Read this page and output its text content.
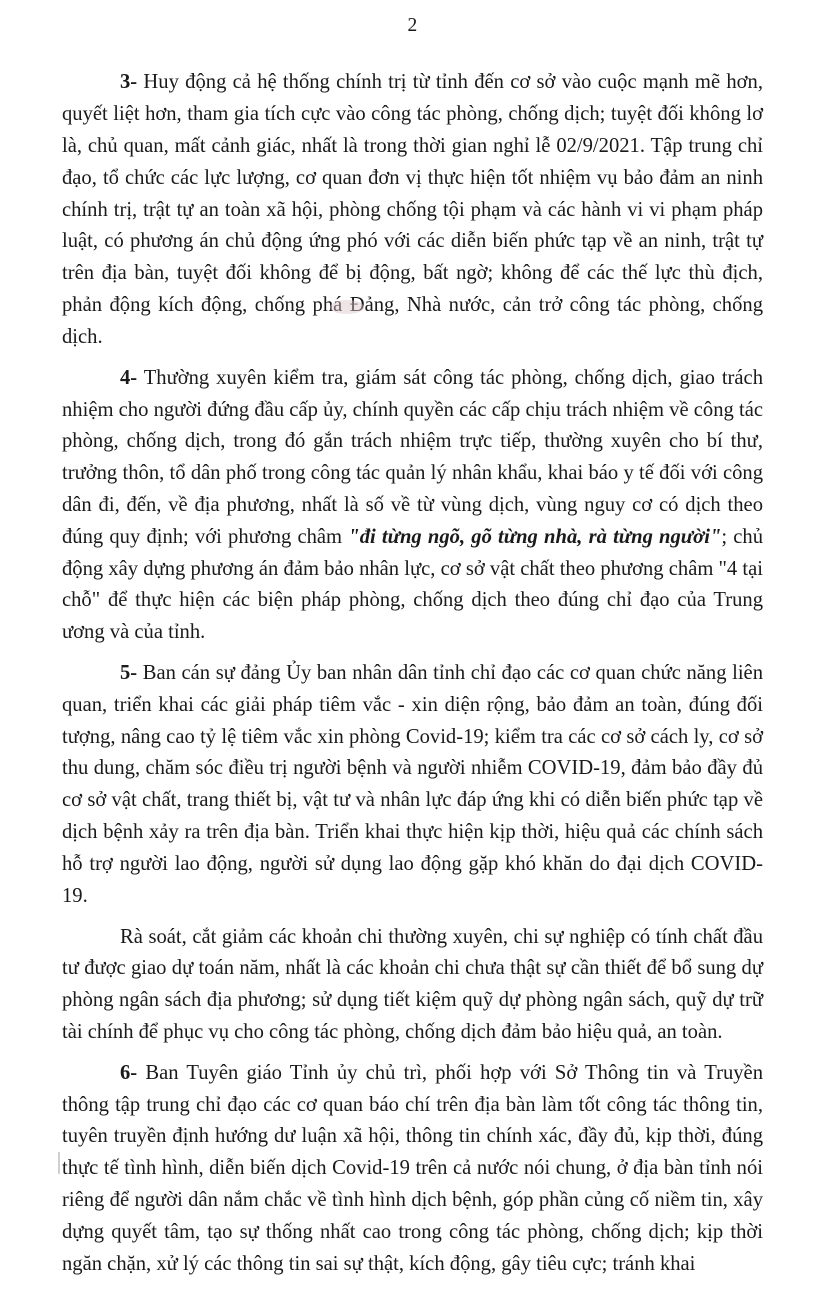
2

3- Huy động cả hệ thống chính trị từ tỉnh đến cơ sở vào cuộc mạnh mẽ hơn, quyết liệt hơn, tham gia tích cực vào công tác phòng, chống dịch; tuyệt đối không lơ là, chủ quan, mất cảnh giác, nhất là trong thời gian nghỉ lễ 02/9/2021. Tập trung chỉ đạo, tổ chức các lực lượng, cơ quan đơn vị thực hiện tốt nhiệm vụ bảo đảm an ninh chính trị, trật tự an toàn xã hội, phòng chống tội phạm và các hành vi vi phạm pháp luật, có phương án chủ động ứng phó với các diễn biến phức tạp về an ninh, trật tự trên địa bàn, tuyệt đối không để bị động, bất ngờ; không để các thế lực thù địch, phản động kích động, chống phá Đảng, Nhà nước, cản trở công tác phòng, chống dịch.

4- Thường xuyên kiểm tra, giám sát công tác phòng, chống dịch, giao trách nhiệm cho người đứng đầu cấp ủy, chính quyền các cấp chịu trách nhiệm về công tác phòng, chống dịch, trong đó gắn trách nhiệm trực tiếp, thường xuyên cho bí thư, trưởng thôn, tổ dân phố trong công tác quản lý nhân khẩu, khai báo y tế đối với công dân đi, đến, về địa phương, nhất là số về từ vùng dịch, vùng nguy cơ có dịch theo đúng quy định; với phương châm "đi từng ngõ, gõ từng nhà, rà từng người"; chủ động xây dựng phương án đảm bảo nhân lực, cơ sở vật chất theo phương châm "4 tại chỗ" để thực hiện các biện pháp phòng, chống dịch theo đúng chỉ đạo của Trung ương và của tỉnh.

5- Ban cán sự đảng Ủy ban nhân dân tỉnh chỉ đạo các cơ quan chức năng liên quan, triển khai các giải pháp tiêm vắc - xin diện rộng, bảo đảm an toàn, đúng đối tượng, nâng cao tỷ lệ tiêm vắc xin phòng Covid-19; kiểm tra các cơ sở cách ly, cơ sở thu dung, chăm sóc điều trị người bệnh và người nhiễm COVID-19, đảm bảo đầy đủ cơ sở vật chất, trang thiết bị, vật tư và nhân lực đáp ứng khi có diễn biến phức tạp về dịch bệnh xảy ra trên địa bàn. Triển khai thực hiện kịp thời, hiệu quả các chính sách hỗ trợ người lao động, người sử dụng lao động gặp khó khăn do đại dịch COVID-19.

Rà soát, cắt giảm các khoản chi thường xuyên, chi sự nghiệp có tính chất đầu tư được giao dự toán năm, nhất là các khoản chi chưa thật sự cần thiết để bổ sung dự phòng ngân sách địa phương; sử dụng tiết kiệm quỹ dự phòng ngân sách, quỹ dự trữ tài chính để phục vụ cho công tác phòng, chống dịch đảm bảo hiệu quả, an toàn.

6- Ban Tuyên giáo Tỉnh ủy chủ trì, phối hợp với Sở Thông tin và Truyền thông tập trung chỉ đạo các cơ quan báo chí trên địa bàn làm tốt công tác thông tin, tuyên truyền định hướng dư luận xã hội, thông tin chính xác, đầy đủ, kịp thời, đúng thực tế tình hình, diễn biến dịch Covid-19 trên cả nước nói chung, ở địa bàn tỉnh nói riêng để người dân nắm chắc về tình hình dịch bệnh, góp phần củng cố niềm tin, xây dựng quyết tâm, tạo sự thống nhất cao trong công tác phòng, chống dịch; kịp thời ngăn chặn, xử lý các thông tin sai sự thật, kích động, gây tiêu cực; tránh khai
